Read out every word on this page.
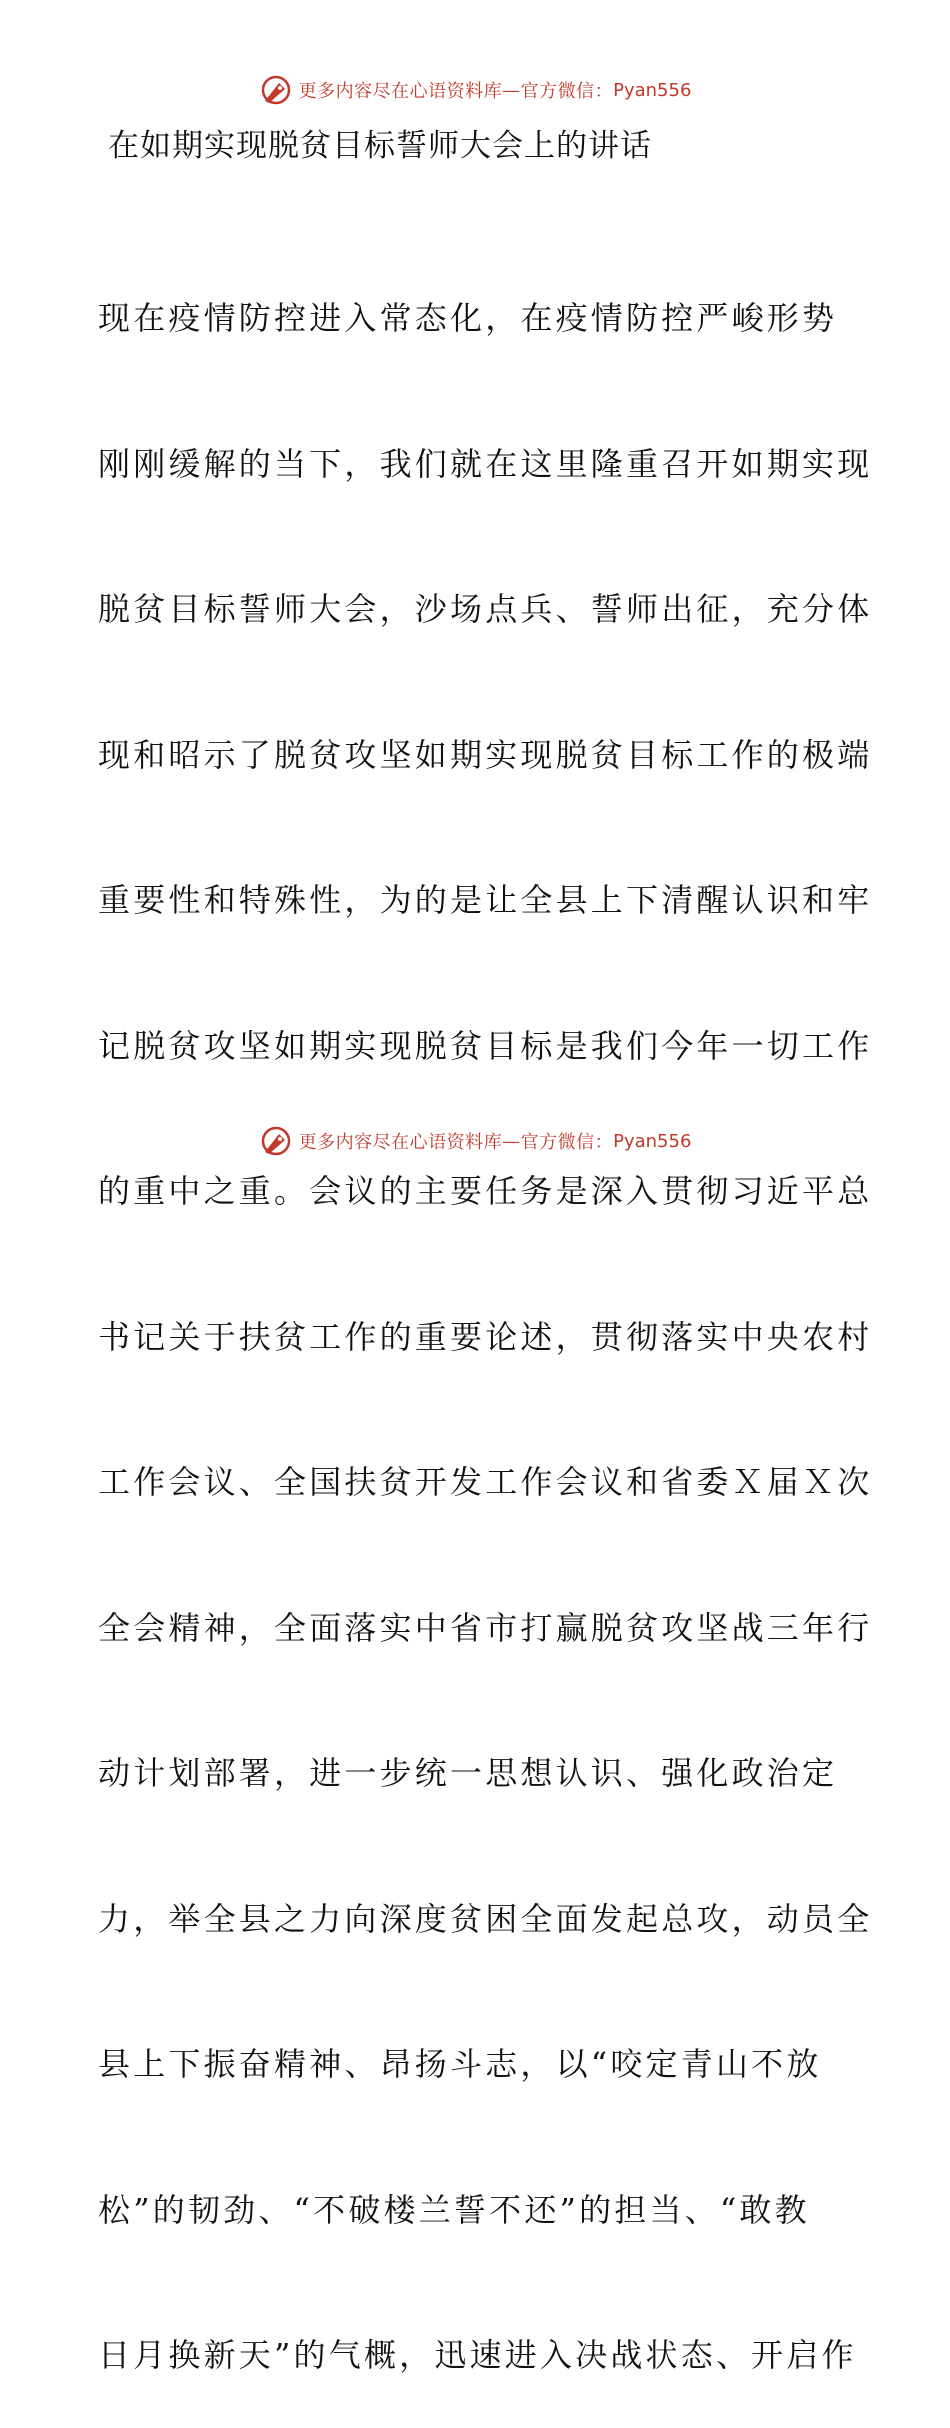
更多内容尽在心语资料库 — 官方微信： Pyan556
在如期实现脱贫目标誓师大会上的讲话

现在疫情防控进入常态化，在疫情防控严峻形势

刚刚缓解的当下，我们就在这里隆重召开如期实现

脱贫目标誓师大会，沙场点兵、誓师出征，充分体

现和昭示了脱贫攻坚如期实现脱贫目标工作的极端

重要性和特殊性，为的是让全县上下清醒认识和牢

记脱贫攻坚如期实现脱贫目标是我们今年一切工作

的重中之重。会议的主要任务是深入贯彻习近平总

书记关于扶贫工作的重要论述，贯彻落实中央农村

工作会议、全国扶贫开发工作会议和省委Ｘ届Ｘ次

全会精神，全面落实中省市打赢脱贫攻坚战三年行

动计划部署，进一步统一思想认识、强化政治定

力，举全县之力向深度贫困全面发起总攻，动员全

县上下振奋精神、昂扬斗志，以“咬定青山不放

松”的韧劲、“不破楼兰誓不还”的担当、“敢教

日月换新天”的气概，迅速进入决战状态、开启作

更多内容尽在心语资料库 — 官方微信： Pyan556
